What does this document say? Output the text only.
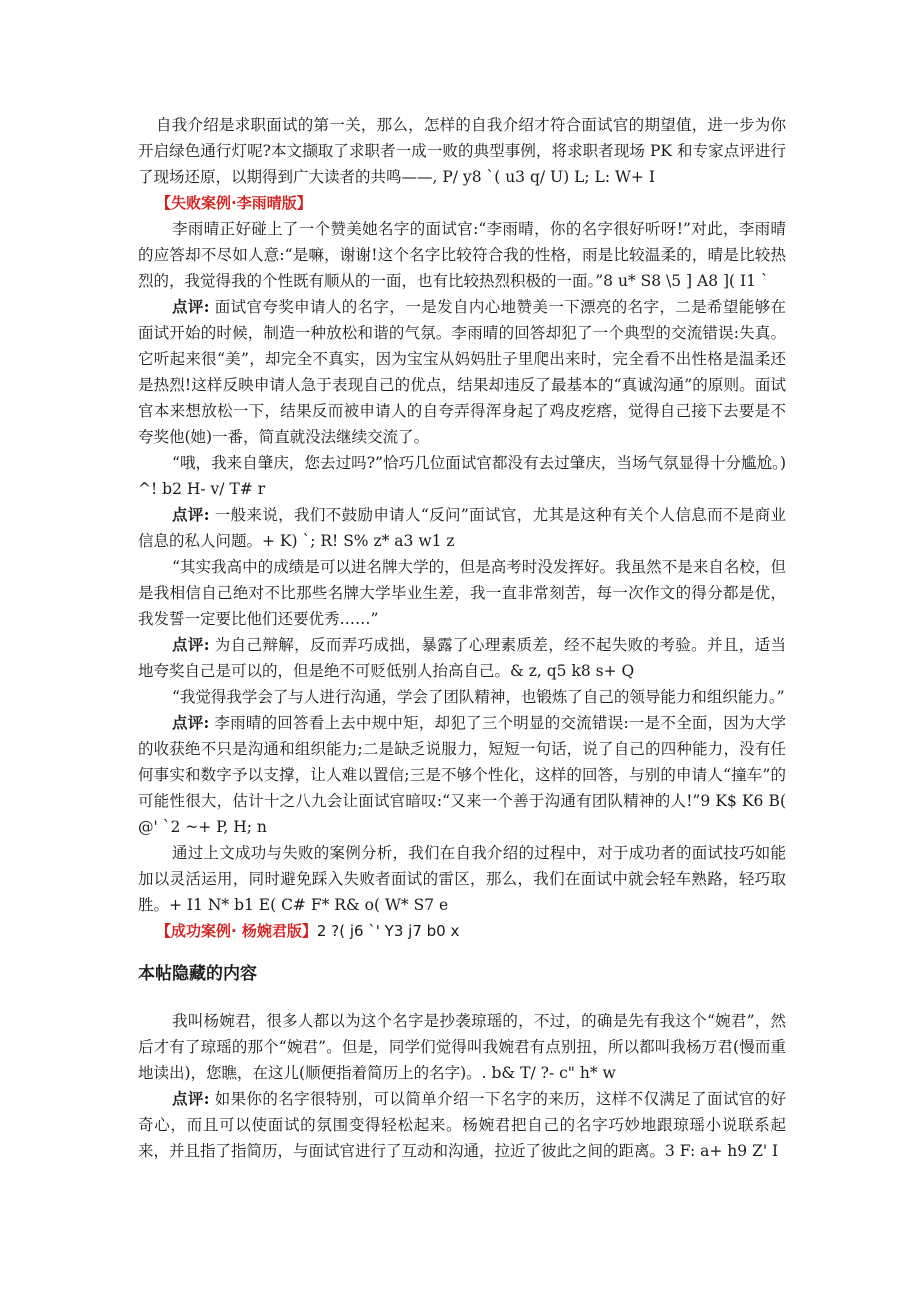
自我介绍是求职面试的第一关，那么，怎样的自我介绍才符合面试官的期望值，进一步为你开启绿色通行灯呢?本文撷取了求职者一成一败的典型事例，将求职者现场 PK 和专家点评进行了现场还原，以期得到广大读者的共鸣——, P/ y8 `( u3 q/ U) L; L: W+ I

【失败案例·李雨晴版】

李雨晴正好碰上了一个赞美她名字的面试官:“李雨晴，你的名字很好听呀!”对此，李雨晴的应答却不尽如人意:“是嘛，谢谢!这个名字比较符合我的性格，雨是比较温柔的，晴是比较热烈的，我觉得我的个性既有顺从的一面，也有比较热烈积极的一面。”8 u* S8 \5 ] A8 ]( I1 `

点评: 面试官夸奖申请人的名字，一是发自内心地赞美一下漂亮的名字，二是希望能够在面试开始的时候，制造一种放松和谐的气氛。李雨晴的回答却犯了一个典型的交流错误:失真。它听起来很“美”，却完全不真实，因为宝宝从妈妈肚子里爬出来时，完全看不出性格是温柔还是热烈!这样反映申请人急于表现自己的优点，结果却违反了最基本的“真诚沟通”的原则。面试官本来想放松一下，结果反而被申请人的自夸弄得浑身起了鸡皮疙瘩，觉得自己接下去要是不夸奖他(她)一番，简直就没法继续交流了。

“哦，我来自肇庆，您去过吗?”恰巧几位面试官都没有去过肇庆，当场气氛显得十分尴尬。) ^! b2 H- v/ T# r

点评: 一般来说，我们不鼓励申请人“反问”面试官，尤其是这种有关个人信息而不是商业信息的私人问题。+ K) `; R! S% z* a3 w1 z

“其实我高中的成绩是可以进名牌大学的，但是高考时没发挥好。我虽然不是来自名校，但是我相信自己绝对不比那些名牌大学毕业生差，我一直非常刻苦，每一次作文的得分都是优，我发誓一定要比他们还要优秀……”

点评: 为自己辩解，反而弄巧成拙，暴露了心理素质差，经不起失败的考验。并且，适当地夸奖自己是可以的，但是绝不可贬低别人抬高自己。& z, q5 k8 s+ Q

“我觉得我学会了与人进行沟通，学会了团队精神，也锻炼了自己的领导能力和组织能力。”

点评: 李雨晴的回答看上去中规中矩，却犯了三个明显的交流错误:一是不全面，因为大学的收获绝不只是沟通和组织能力;二是缺乏说服力，短短一句话，说了自己的四种能力，没有任何事实和数字予以支撑，让人难以置信;三是不够个性化，这样的回答，与别的申请人“撞车”的可能性很大，估计十之八九会让面试官暗叹:“又来一个善于沟通有团队精神的人!”9 K$ K6 B( @' `2 ~+ P, H; n

通过上文成功与失败的案例分析，我们在自我介绍的过程中，对于成功者的面试技巧如能加以灵活运用，同时避免踩入失败者面试的雷区，那么，我们在面试中就会轻车熟路，轻巧取胜。+ I1 N* b1 E( C# F* R& o( W* S7 e

【成功案例· 杨婉君版】2 ?( j6 `' Y3 j7 b0 x

本帖隐藏的内容

我叫杨婉君，很多人都以为这个名字是抄袭琼瑶的，不过，的确是先有我这个“婉君”，然后才有了琼瑶的那个“婉君”。但是，同学们觉得叫我婉君有点别扭，所以都叫我杨万君(慢而重地读出)，您瞧，在这儿(顺便指着简历上的名字)。. b& T/ ?- c" h* w

点评: 如果你的名字很特别，可以简单介绍一下名字的来历，这样不仅满足了面试官的好奇心，而且可以使面试的氛围变得轻松起来。杨婉君把自己的名字巧妙地跟琼瑶小说联系起来，并且指了指简历，与面试官进行了互动和沟通，拉近了彼此之间的距离。3 F: a+ h9 Z' I
